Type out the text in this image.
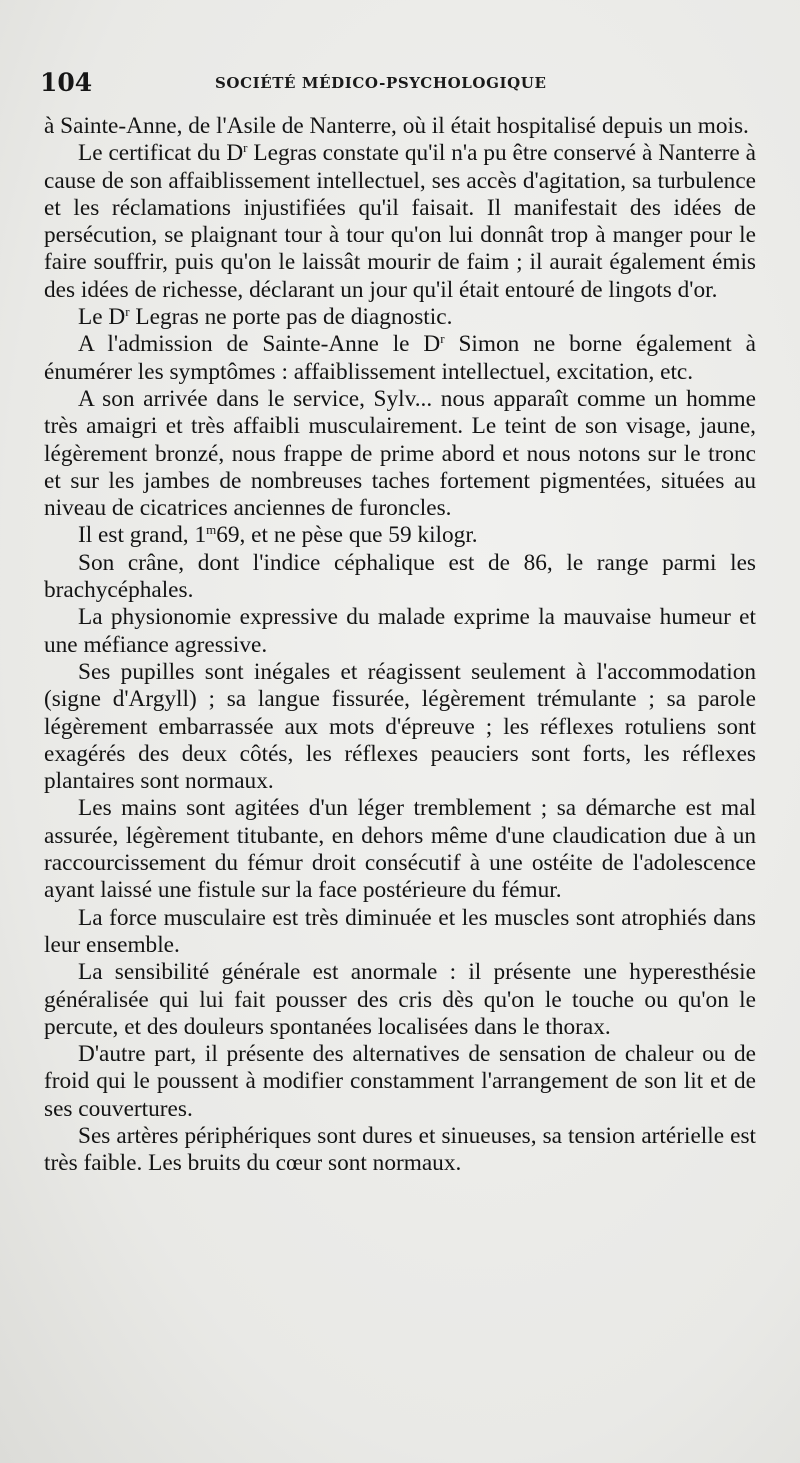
104	SOCIÉTÉ MÉDICO-PSYCHOLOGIQUE

à Sainte-Anne, de l'Asile de Nanterre, où il était hospitalisé depuis un mois.

Le certificat du $D^r$ Legras constate qu'il n'a pu être conservé à Nanterre à cause de son affaiblissement intellectuel, ses accès d'agitation, sa turbulence et les réclamations injustifiées qu'il faisait. Il manifestait des idées de persécution, se plaignant tour à tour qu'on lui donnât trop à manger pour le faire souffrir, puis qu'on le laissât mourir de faim ; il aurait également émis des idées de richesse, déclarant un jour qu'il était entouré de lingots d'or.

Le $D^r$ Legras ne porte pas de diagnostic.

A l'admission de Sainte-Anne le $D^r$ Simon ne borne également à énumérer les symptômes : affaiblissement intellectuel, excitation, etc.

A son arrivée dans le service, Sylv... nous apparaît comme un homme très amaigri et très affaibli musculairement. Le teint de son visage, jaune, légèrement bronzé, nous frappe de prime abord et nous notons sur le tronc et sur les jambes de nombreuses taches fortement pigmentées, situées au niveau de cicatrices anciennes de furoncles.

Il est grand, 1$^m$69, et ne pèse que 59 kilogr.

Son crâne, dont l'indice céphalique est de 86, le range parmi les brachycéphales.

La physionomie expressive du malade exprime la mauvaise humeur et une méfiance agressive.

Ses pupilles sont inégales et réagissent seulement à l'accommodation (signe d'Argyll) ; sa langue fissurée, légèrement trémulante ; sa parole légèrement embarrassée aux mots d'épreuve ; les réflexes rotuliens sont exagérés des deux côtés, les réflexes peauciers sont forts, les réflexes plantaires sont normaux.

Les mains sont agitées d'un léger tremblement ; sa démarche est mal assurée, légèrement titubante, en dehors même d'une claudication due à un raccourcissement du fémur droit consécutif à une ostéite de l'adolescence ayant laissé une fistule sur la face postérieure du fémur.

La force musculaire est très diminuée et les muscles sont atrophiés dans leur ensemble.

La sensibilité générale est anormale : il présente une hyperesthésie généralisée qui lui fait pousser des cris dès qu'on le touche ou qu'on le percute, et des douleurs spontanées localisées dans le thorax.

D'autre part, il présente des alternatives de sensation de chaleur ou de froid qui le poussent à modifier constamment l'arrangement de son lit et de ses couvertures.

Ses artères périphériques sont dures et sinueuses, sa tension artérielle est très faible. Les bruits du cœur sont normaux.
